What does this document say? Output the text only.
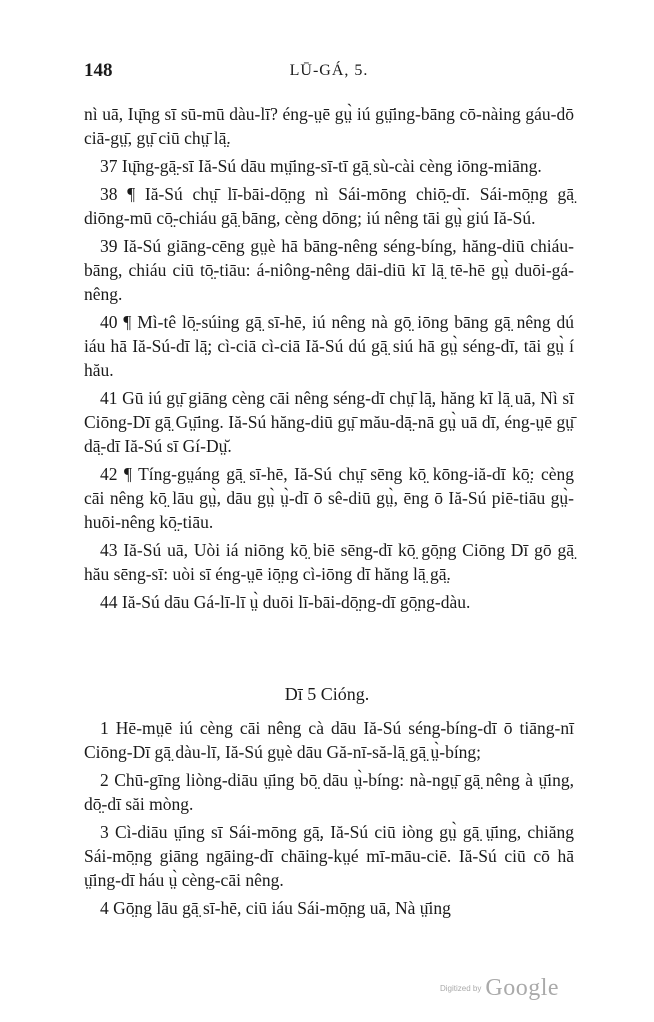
148	LŪ-GÁ, 5.

nì uā, Ių̄ng sī sū-mū dàu-lī? éng-ṳē gṳ̀ iú gṳ̄ing-bāng cō-nàing gáu-dō ciā-gṳ̄, gṳ̄ ciū chṳ̄ lā̤.

37 Ių̄ng-gā̤-sī Iă-Sú dāu mṳ̄ing-sī-tī gā̤ sù-cài cèng iōng-miāng.

38 ¶ Iă-Sú chṳ̄ lī-bāi-dō̤ng nì Sái-mōng chiō̤-dī. Sái-mō̤ng gā̤ diōng-mū cō̤-chiáu gā̤ bāng, cèng dōng; iú nêng tāi gṳ̀ giú Iă-Sú.

39 Iă-Sú giāng-cēng gṳè hā bāng-nêng séng-bíng, hăng-diū chiáu-bāng, chiáu ciū tō̤-tiāu: á-niông-nêng dāi-diū kī lā̤ tē-hē gṳ̀ duōi-gá-nêng.

40 ¶ Mì-tê lō̤-súing gā̤ sī-hē, iú nêng nà gō̤ iōng bāng gā̤ nêng dú iáu hā Iă-Sú-dī lā̤; cì-ciā cì-ciā Iă-Sú dú gā̤ siú hā gṳ̀ séng-dī, tāi gṳ̀ í hău.

41 Gū iú gṳ̄ giāng cèng cāi nêng séng-dī chṳ̄ lā̤, hăng kī lā̤ uā, Nì sī Ciōng-Dī gā̤ Gṳ̄ing. Iă-Sú hăng-diū gṳ̄ mău-dā̤-nā gṳ̀ uā dī, éng-ṳē gṳ̄ dā̤-dī Iă-Sú sī Gí-Dṳ̆.

42 ¶ Tíng-gṳáng gā̤ sī-hē, Iă-Sú chṳ̄ sēng kō̤ kōng-iă-dī kō̤: cèng cāi nêng kō̤ lāu gṳ̀, dāu gṳ̀ ṳ̀-dī ō sê-diū gṳ̀, ēng ō Iă-Sú piē-tiāu gṳ̀-huōi-nêng kō̤-tiāu.

43 Iă-Sú uā, Uòi iá niōng kō̤ biē sēng-dī kō̤ gō̤ng Ciōng Dī gō gā̤ hău sēng-sī: uòi sī éng-ṳē iō̤ng cì-iōng dī hăng lā̤ gā̤.

44 Iă-Sú dāu Gá-lī-lī ṳ̀ duōi lī-bāi-dō̤ng-dī gō̤ng-dàu.

Dī 5 Cióng.

1 Hē-mṳē iú cèng cāi nêng cà dāu Iă-Sú séng-bíng-dī ō tiāng-nī Ciōng-Dī gā̤ dàu-lī, Iă-Sú gṳè dāu Gă-nī-să-lā̤ gā̤ ṳ̀-bíng;

2 Chū-gīng liòng-diāu ṳ̄ing bō̤ dāu ṳ̀-bíng: nà-ngṳ̄ gā̤ nêng à ṳ̄ing, dō̤-dī săi mòng.

3 Cì-diāu ṳ̄ing sī Sái-mōng gā̤, Iă-Sú ciū iòng gṳ̀ gā̤ ṳ̄ing, chiăng Sái-mō̤ng giāng ngāing-dī chāing-kṳé mī-māu-ciē. Iă-Sú ciū cō hā ṳ̄ing-dī háu ṳ̀ cèng-cāi nêng.

4 Gō̤ng lāu gā̤ sī-hē, ciū iáu Sái-mō̤ng uā, Nà ṳ̄ing

Digitized by Google
